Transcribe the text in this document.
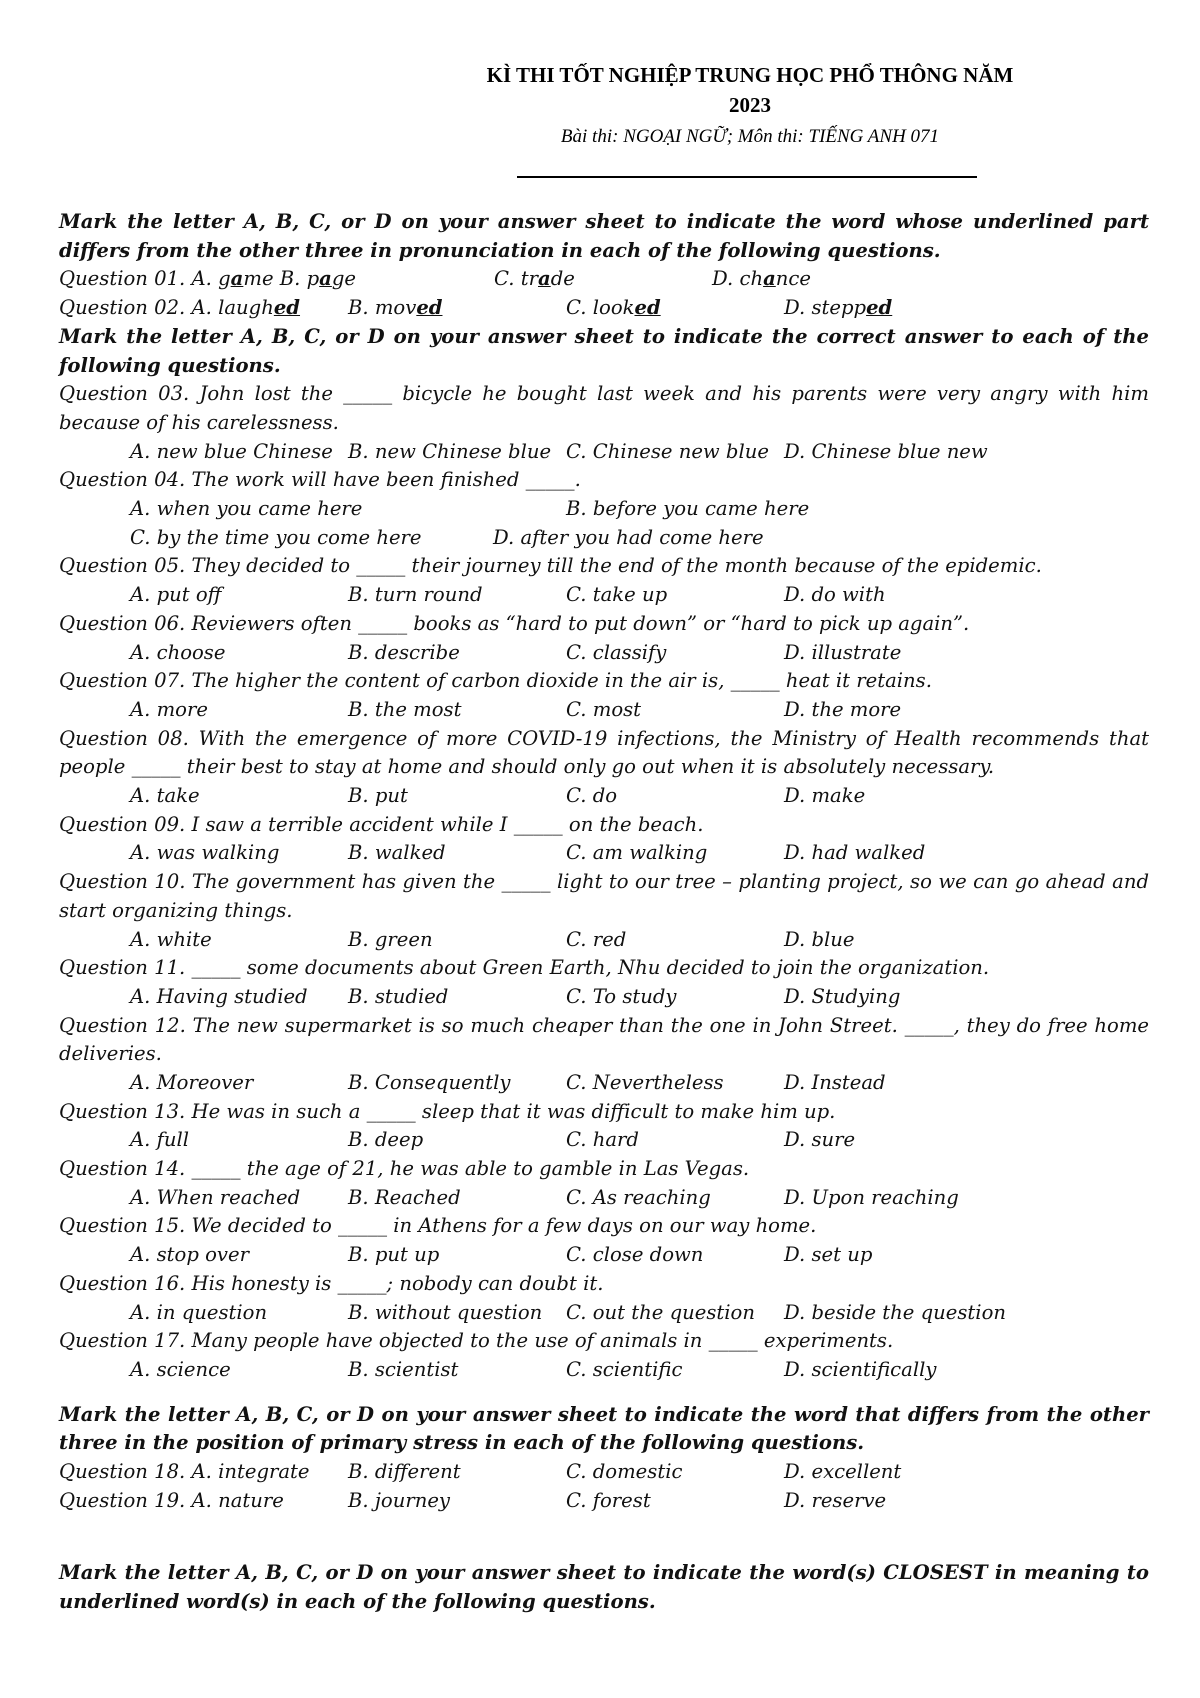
KÌ THI TỐT NGHIỆP TRUNG HỌC PHỔ THÔNG NĂM
2023
Bài thi: NGOẠI NGỮ; Môn thi: TIẾNG ANH 071
Mark the letter A, B, C, or D on your answer sheet to indicate the word whose underlined part differs from the other three in pronunciation in each of the following questions.
Question 01. A. game B. page	C. trade	D. chance
Question 02. A. laughed	B. moved	C. looked	D. stepped
Mark the letter A, B, C, or D on your answer sheet to indicate the correct answer to each of the following questions.
Question 03. John lost the _____ bicycle he bought last week and his parents were very angry with him because of his carelessness.
A. new blue Chinese B. new Chinese blue C. Chinese new blue D. Chinese blue new
Question 04. The work will have been finished _____.
A. when you came here	B. before you came here
C. by the time you come here	D. after you had come here
Question 05. They decided to _____ their journey till the end of the month because of the epidemic.
A. put off	B. turn round	C. take up	D. do with
Question 06. Reviewers often _____ books as “hard to put down” or “hard to pick up again”.
A. choose	B. describe	C. classify	D. illustrate
Question 07. The higher the content of carbon dioxide in the air is, _____ heat it retains.
A. more	B. the most	C. most	D. the more
Question 08. With the emergence of more COVID-19 infections, the Ministry of Health recommends that people _____ their best to stay at home and should only go out when it is absolutely necessary.
A. take	B. put	C. do	D. make
Question 09. I saw a terrible accident while I _____ on the beach.
A. was walking	B. walked	C. am walking	D. had walked
Question 10. The government has given the _____ light to our tree – planting project, so we can go ahead and start organizing things.
A. white	B. green	C. red	D. blue
Question 11. _____ some documents about Green Earth, Nhu decided to join the organization.
A. Having studied	B. studied	C. To study	D. Studying
Question 12. The new supermarket is so much cheaper than the one in John Street. _____, they do free home deliveries.
A. Moreover	B. Consequently	C. Nevertheless	D. Instead
Question 13. He was in such a _____ sleep that it was difficult to make him up.
A. full	B. deep	C. hard	D. sure
Question 14. _____ the age of 21, he was able to gamble in Las Vegas.
A. When reached	B. Reached	C. As reaching	D. Upon reaching
Question 15. We decided to _____ in Athens for a few days on our way home.
A. stop over	B. put up	C. close down	D. set up
Question 16. His honesty is _____; nobody can doubt it.
A. in question	B. without question	C. out the question	D. beside the question
Question 17. Many people have objected to the use of animals in _____ experiments.
A. science	B. scientist	C. scientific	D. scientifically
Mark the letter A, B, C, or D on your answer sheet to indicate the word that differs from the other three in the position of primary stress in each of the following questions.
Question 18. A. integrate	B. different	C. domestic	D. excellent
Question 19. A. nature	B. journey	C. forest	D. reserve
Mark the letter A, B, C, or D on your answer sheet to indicate the word(s) CLOSEST in meaning to underlined word(s) in each of the following questions.
